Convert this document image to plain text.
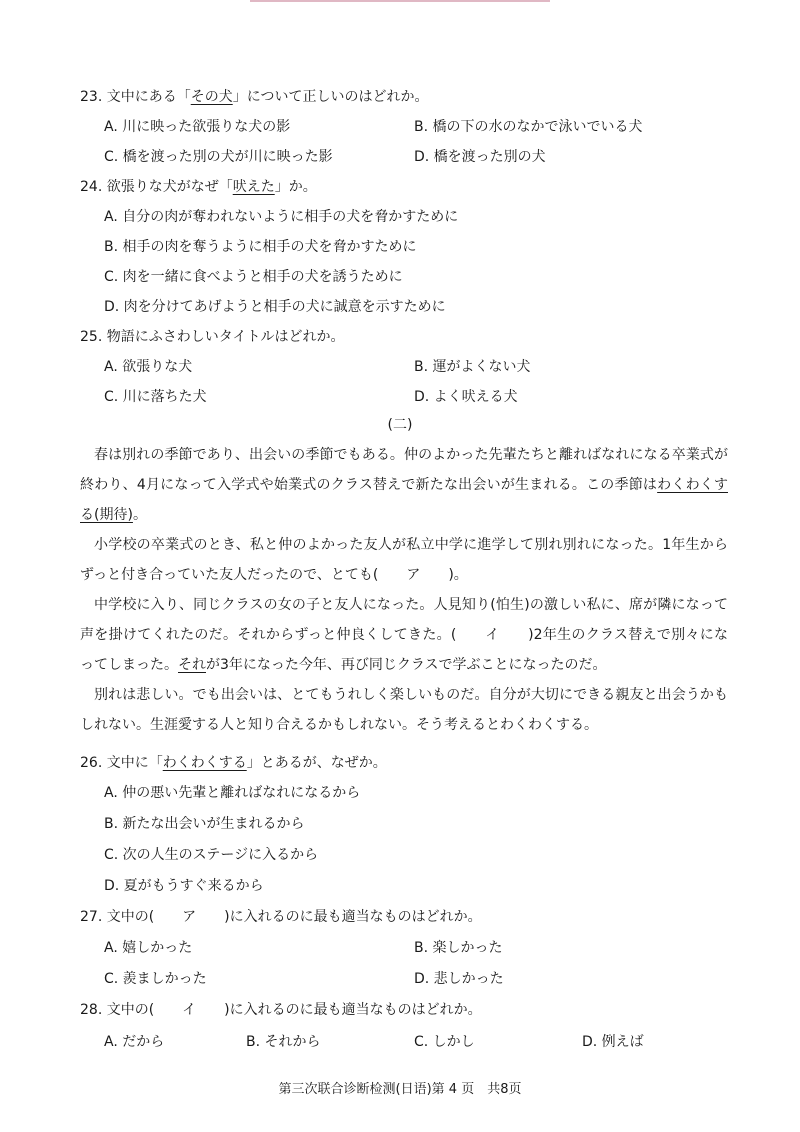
23. 文中にある「その犬」について正しいのはどれか。
A. 川に映った欲張りな犬の影	B. 橋の下の水のなかで泳いでいる犬
C. 橋を渡った別の犬が川に映った影	D. 橋を渡った別の犬
24. 欲張りな犬がなぜ「吠えた」か。
A. 自分の肉が奪われないように相手の犬を脅かすために
B. 相手の肉を奪うように相手の犬を脅かすために
C. 肉を一緒に食べようと相手の犬を誘うために
D. 肉を分けてあげようと相手の犬に誠意を示すために
25. 物語にふさわしいタイトルはどれか。
A. 欲張りな犬	B. 運がよくない犬
C. 川に落ちた犬	D. よく吠える犬
(二)

春は別れの季節であり、出会いの季節でもある。仲のよかった先輩たちと離ればなれになる卒業式が終わり、4月になって入学式や始業式のクラス替えで新たな出会いが生まれる。この季節はわくわくする(期待)。

小学校の卒業式のとき、私と仲のよかった友人が私立中学に進学して別れ別れになった。1年生からずっと付き合っていた友人だったので、とても(　　ア　　)。

中学校に入り、同じクラスの女の子と友人になった。人見知り(怕生)の激しい私に、席が隣になって声を掛けてくれたのだ。それからずっと仲良くしてきた。(　　イ　　)2年生のクラス替えで別々になってしまった。それが3年になった今年、再び同じクラスで学ぶことになったのだ。

別れは悲しい。でも出会いは、とてもうれしく楽しいものだ。自分が大切にできる親友と出会うかもしれない。生涯愛する人と知り合えるかもしれない。そう考えるとわくわくする。

26. 文中に「わくわくする」とあるが、なぜか。
A. 仲の悪い先輩と離ればなれになるから
B. 新たな出会いが生まれるから
C. 次の人生のステージに入るから
D. 夏がもうすぐ来るから
27. 文中の(　　ア　　)に入れるのに最も適当なものはどれか。
A. 嬉しかった	B. 楽しかった
C. 羨ましかった	D. 悲しかった
28. 文中の(　　イ　　)に入れるのに最も適当なものはどれか。
A. だから	B. それから	C. しかし	D. 例えば
第三次联合诊断检测(日语)第 4 页　共8页
